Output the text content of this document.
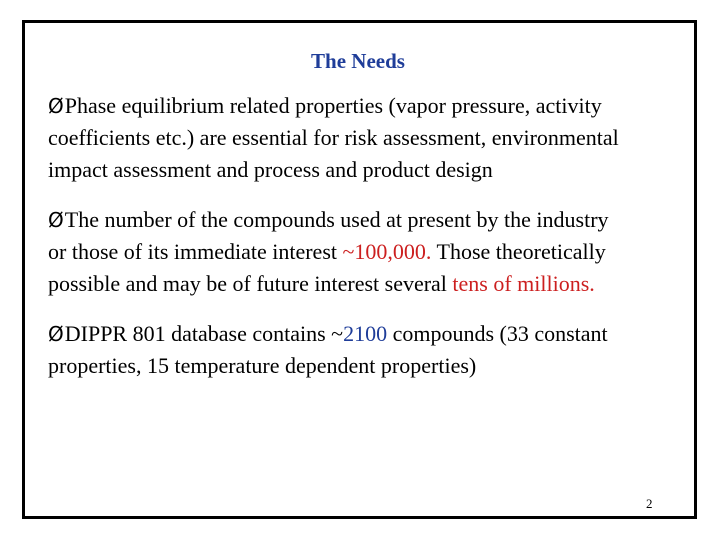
The Needs
ØPhase equilibrium related properties (vapor pressure, activity
coefficients etc.) are essential for risk assessment, environmental
impact assessment and process and product design
ØThe number of the compounds used at present by the industry
or those of its immediate interest ~100,000. Those theoretically
possible and may be of future interest several tens of millions.
ØDIPPR 801 database contains ~2100 compounds (33 constant
properties, 15 temperature dependent properties)
2
